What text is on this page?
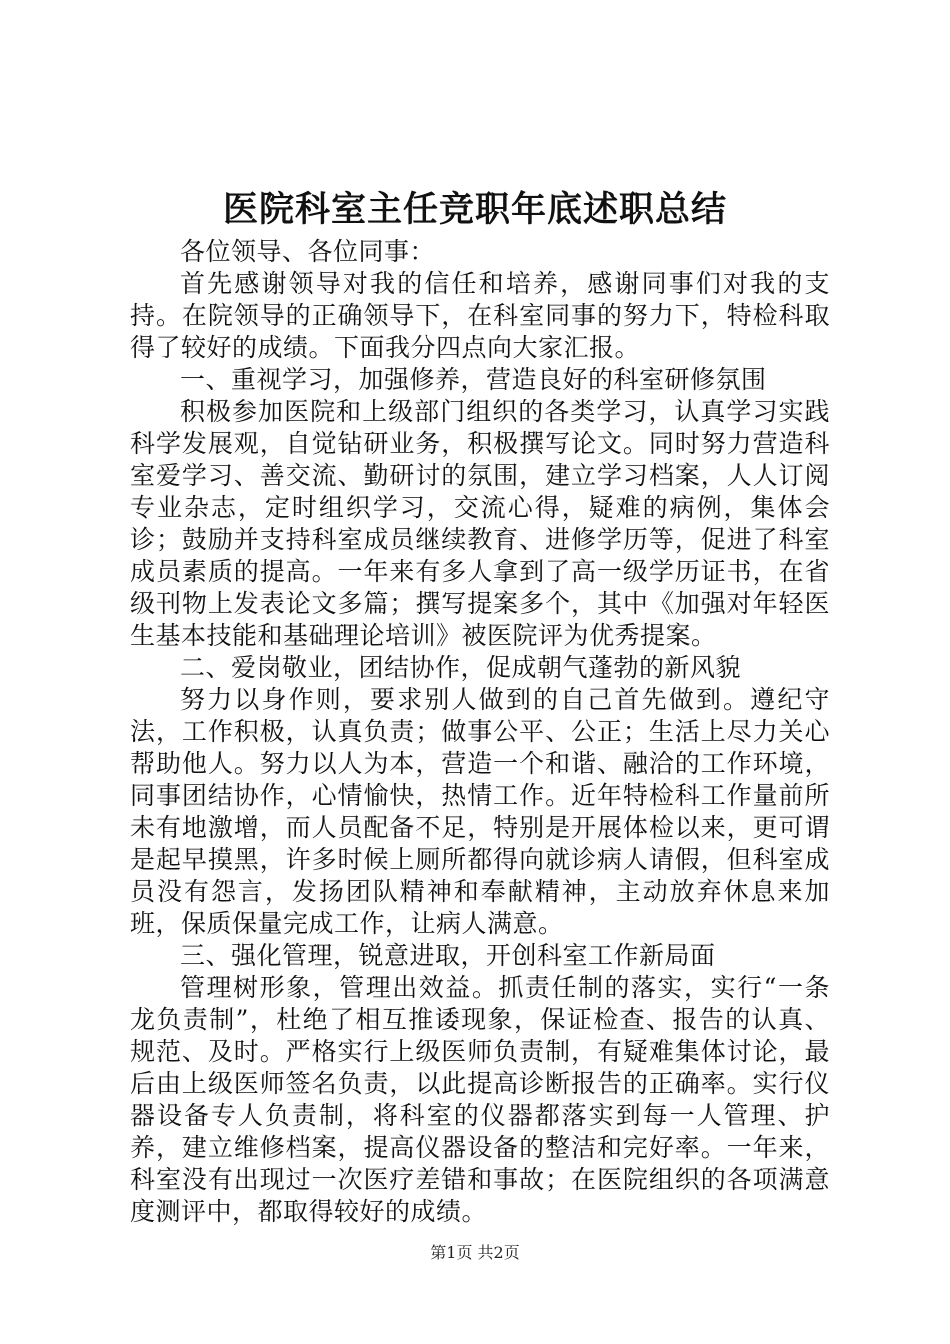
医院科室主任竞职年底述职总结

各位领导、各位同事：

首先感谢领导对我的信任和培养，感谢同事们对我的支持。在院领导的正确领导下，在科室同事的努力下，特检科取得了较好的成绩。下面我分四点向大家汇报。

一、重视学习，加强修养，营造良好的科室研修氛围

积极参加医院和上级部门组织的各类学习，认真学习实践科学发展观，自觉钻研业务，积极撰写论文。同时努力营造科室爱学习、善交流、勤研讨的氛围，建立学习档案，人人订阅专业杂志，定时组织学习，交流心得，疑难的病例，集体会诊；鼓励并支持科室成员继续教育、进修学历等，促进了科室成员素质的提高。一年来有多人拿到了高一级学历证书，在省级刊物上发表论文多篇；撰写提案多个，其中《加强对年轻医生基本技能和基础理论培训》被医院评为优秀提案。

二、爱岗敬业，团结协作，促成朝气蓬勃的新风貌

努力以身作则，要求别人做到的自己首先做到。遵纪守法，工作积极，认真负责；做事公平、公正；生活上尽力关心帮助他人。努力以人为本，营造一个和谐、融洽的工作环境，同事团结协作，心情愉快，热情工作。近年特检科工作量前所未有地激增，而人员配备不足，特别是开展体检以来，更可谓是起早摸黑，许多时候上厕所都得向就诊病人请假，但科室成员没有怨言，发扬团队精神和奉献精神，主动放弃休息来加班，保质保量完成工作，让病人满意。

三、强化管理，锐意进取，开创科室工作新局面

管理树形象，管理出效益。抓责任制的落实，实行“一条龙负责制”，杜绝了相互推诿现象，保证检查、报告的认真、规范、及时。严格实行上级医师负责制，有疑难集体讨论，最后由上级医师签名负责，以此提高诊断报告的正确率。实行仪器设备专人负责制，将科室的仪器都落实到每一人管理、护养，建立维修档案，提高仪器设备的整洁和完好率。一年来，科室没有出现过一次医疗差错和事故；在医院组织的各项满意度测评中，都取得较好的成绩。

第1页 共2页
